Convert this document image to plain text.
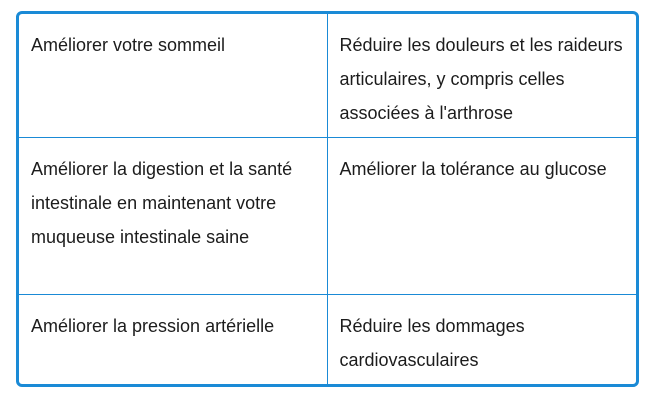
Améliorer votre sommeil	Réduire les douleurs et les raideurs articulaires, y compris celles associées à l'arthrose
Améliorer la digestion et la santé intestinale en maintenant votre muqueuse intestinale saine	Améliorer la tolérance au glucose
Améliorer la pression artérielle	Réduire les dommages cardiovasculaires
